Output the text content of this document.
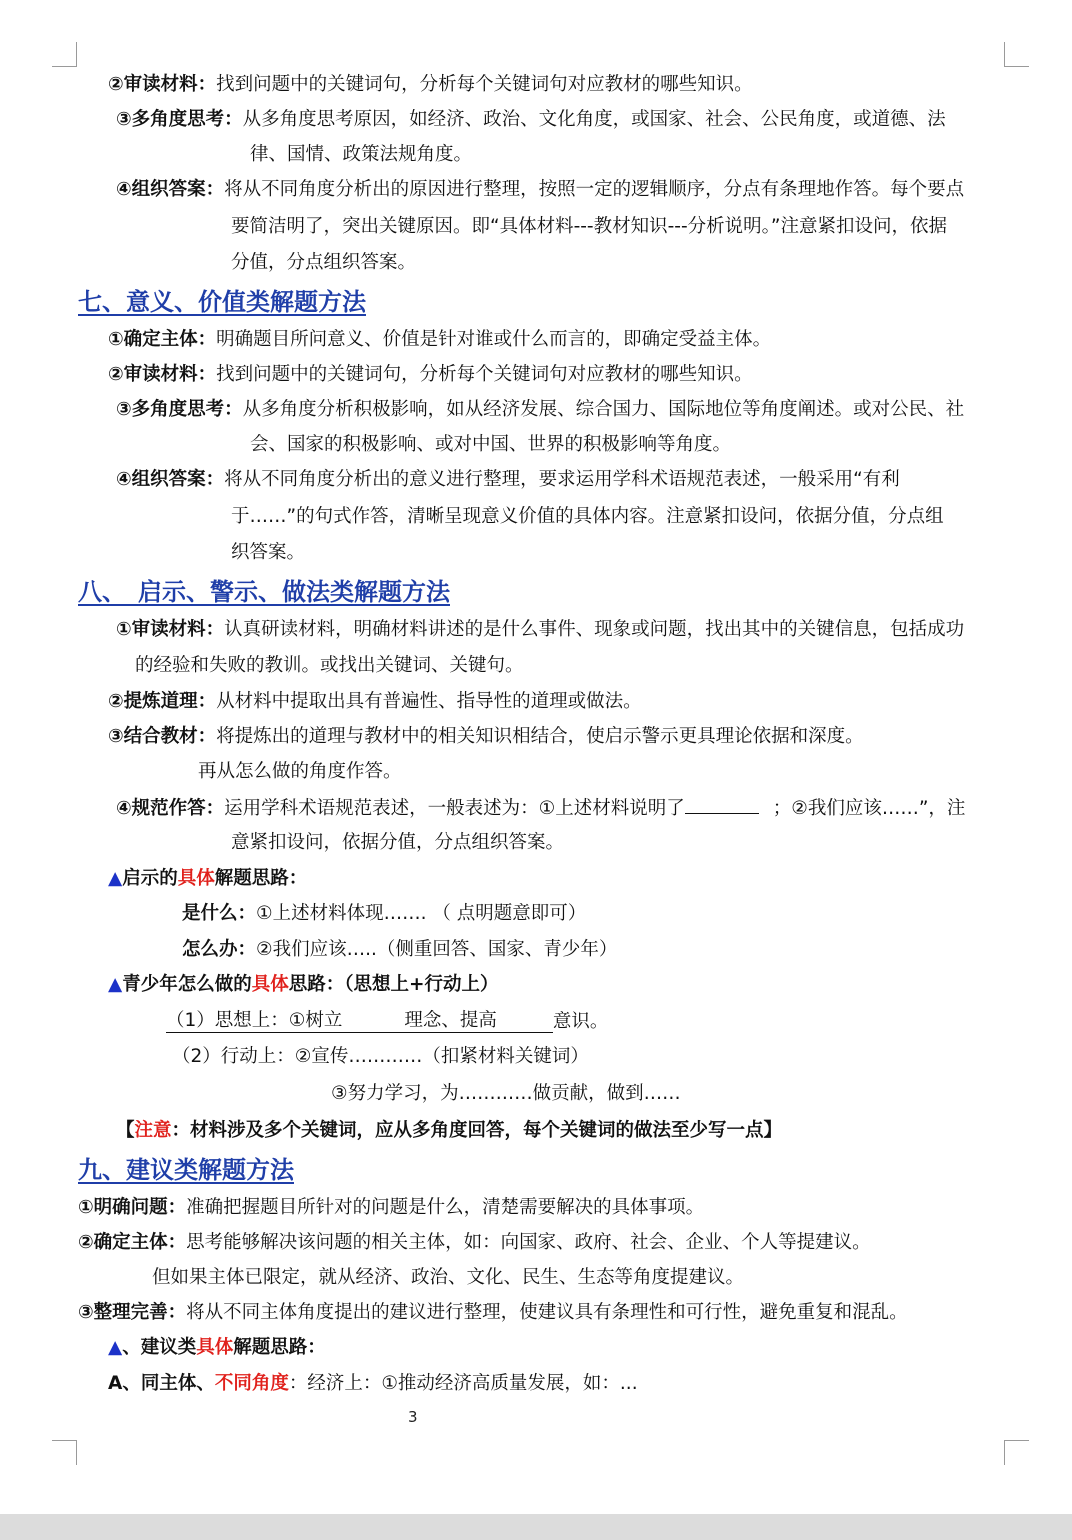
②审读材料：找到问题中的关键词句，分析每个关键词句对应教材的哪些知识。
③多角度思考：从多角度思考原因，如经济、政治、文化角度，或国家、社会、公民角度，或道德、法
律、国情、政策法规角度。
④组织答案：将从不同角度分析出的原因进行整理，按照一定的逻辑顺序，分点有条理地作答。每个要点
要简洁明了，突出关键原因。即“具体材料---教材知识---分析说明。”注意紧扣设问，依据
分值，分点组织答案。
七、意义、价值类解题方法
①确定主体：明确题目所问意义、价值是针对谁或什么而言的，即确定受益主体。
②审读材料：找到问题中的关键词句，分析每个关键词句对应教材的哪些知识。
③多角度思考：从多角度分析积极影响，如从经济发展、综合国力、国际地位等角度阐述。或对公民、社
会、国家的积极影响、或对中国、世界的积极影响等角度。
④组织答案：将从不同角度分析出的意义进行整理，要求运用学科术语规范表述，一般采用“有利
于……”的句式作答，清晰呈现意义价值的具体内容。注意紧扣设问，依据分值，分点组
织答案。
八、　启示、警示、做法类解题方法
①审读材料：认真研读材料，明确材料讲述的是什么事件、现象或问题，找出其中的关键信息，包括成功
的经验和失败的教训。或找出关键词、关键句。
②提炼道理：从材料中提取出具有普遍性、指导性的道理或做法。
③结合教材：将提炼出的道理与教材中的相关知识相结合，使启示警示更具理论依据和深度。
再从怎么做的角度作答。
④规范作答：运用学科术语规范表述，一般表述为：①上述材料说明了	；②我们应该……”，注
意紧扣设问，依据分值，分点组织答案。
▲启示的具体解题思路：
是什么：①上述材料体现……. （ 点明题意即可）
怎么办：②我们应该…..（侧重回答、国家、青少年）
▲青少年怎么做的具体思路：（思想上+行动上）
（1）思想上：①树立	理念、提高	意识。
（2）行动上：②宣传…………（扣紧材料关键词）
③努力学习，为…………做贡献，做到……
【注意：材料涉及多个关键词，应从多角度回答，每个关键词的做法至少写一点】
九、建议类解题方法
①明确问题：准确把握题目所针对的问题是什么，清楚需要解决的具体事项。
②确定主体：思考能够解决该问题的相关主体，如：向国家、政府、社会、企业、个人等提建议。
但如果主体已限定，就从经济、政治、文化、民生、生态等角度提建议。
③整理完善：将从不同主体角度提出的建议进行整理，使建议具有条理性和可行性，避免重复和混乱。
▲、建议类具体解题思路：
A、同主体、不同角度：经济上：①推动经济高质量发展，如：...
3
